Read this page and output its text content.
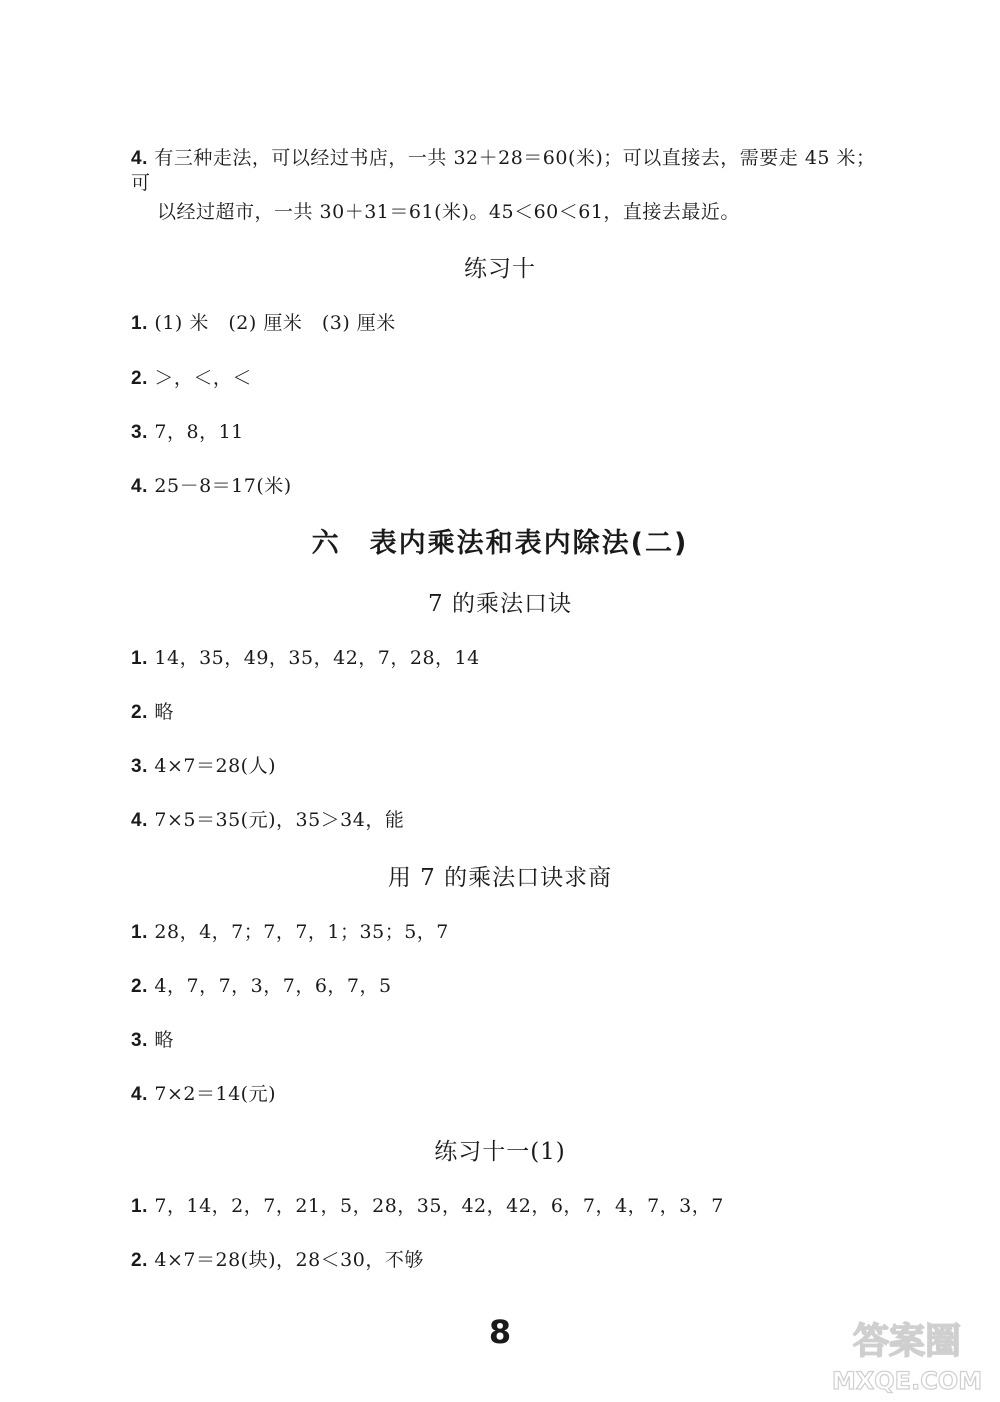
4. 有三种走法，可以经过书店，一共 32＋28＝60(米)；可以直接去，需要走 45 米；可
以经过超市，一共 30＋31＝61(米)。45＜60＜61，直接去最近。
练习十
1. (1) 米　(2) 厘米　(3) 厘米
2. ＞，＜，＜
3. 7，8，11
4. 25－8＝17(米)
六　表内乘法和表内除法(二)
7 的乘法口诀
1. 14，35，49，35，42，7，28，14
2. 略
3. 4×7＝28(人)
4. 7×5＝35(元)，35＞34，能
用 7 的乘法口诀求商
1. 28，4，7；7，7，1；35；5，7
2. 4，7，7，3，7，6，7，5
3. 略
4. 7×2＝14(元)
练习十一(1)
1. 7，14，2，7，21，5，28，35，42，42，6，7，4，7，3，7
2. 4×7＝28(块)，28＜30，不够
8	答案圈
MXQE.COM
